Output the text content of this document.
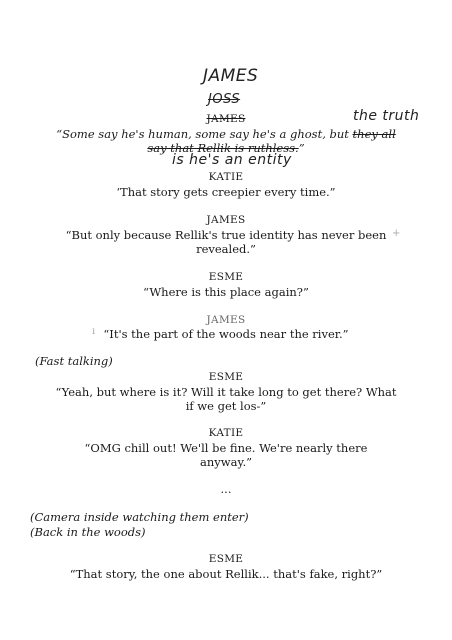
JAMES
JOSS
the truth
is he's an entity
JAMES
“Some say he's human, some say he's a ghost, but they all
say that Rellik is ruthless.”
KATIE
‘That story gets creepier every time.”
JAMES
“But only because Rellik's true identity has never been
revealed.”
ESME
“Where is this place again?”
JAMES
“It's the part of the woods near the river.”
(Fast talking)
ESME
“Yeah, but where is it? Will it take long to get there? What
if we get los-”
KATIE
“OMG chill out! We'll be fine. We're nearly there
anyway.”
...
(Camera inside watching them enter)
(Back in the woods)
ESME
“That story, the one about Rellik... that's fake, right?”
+
ı
